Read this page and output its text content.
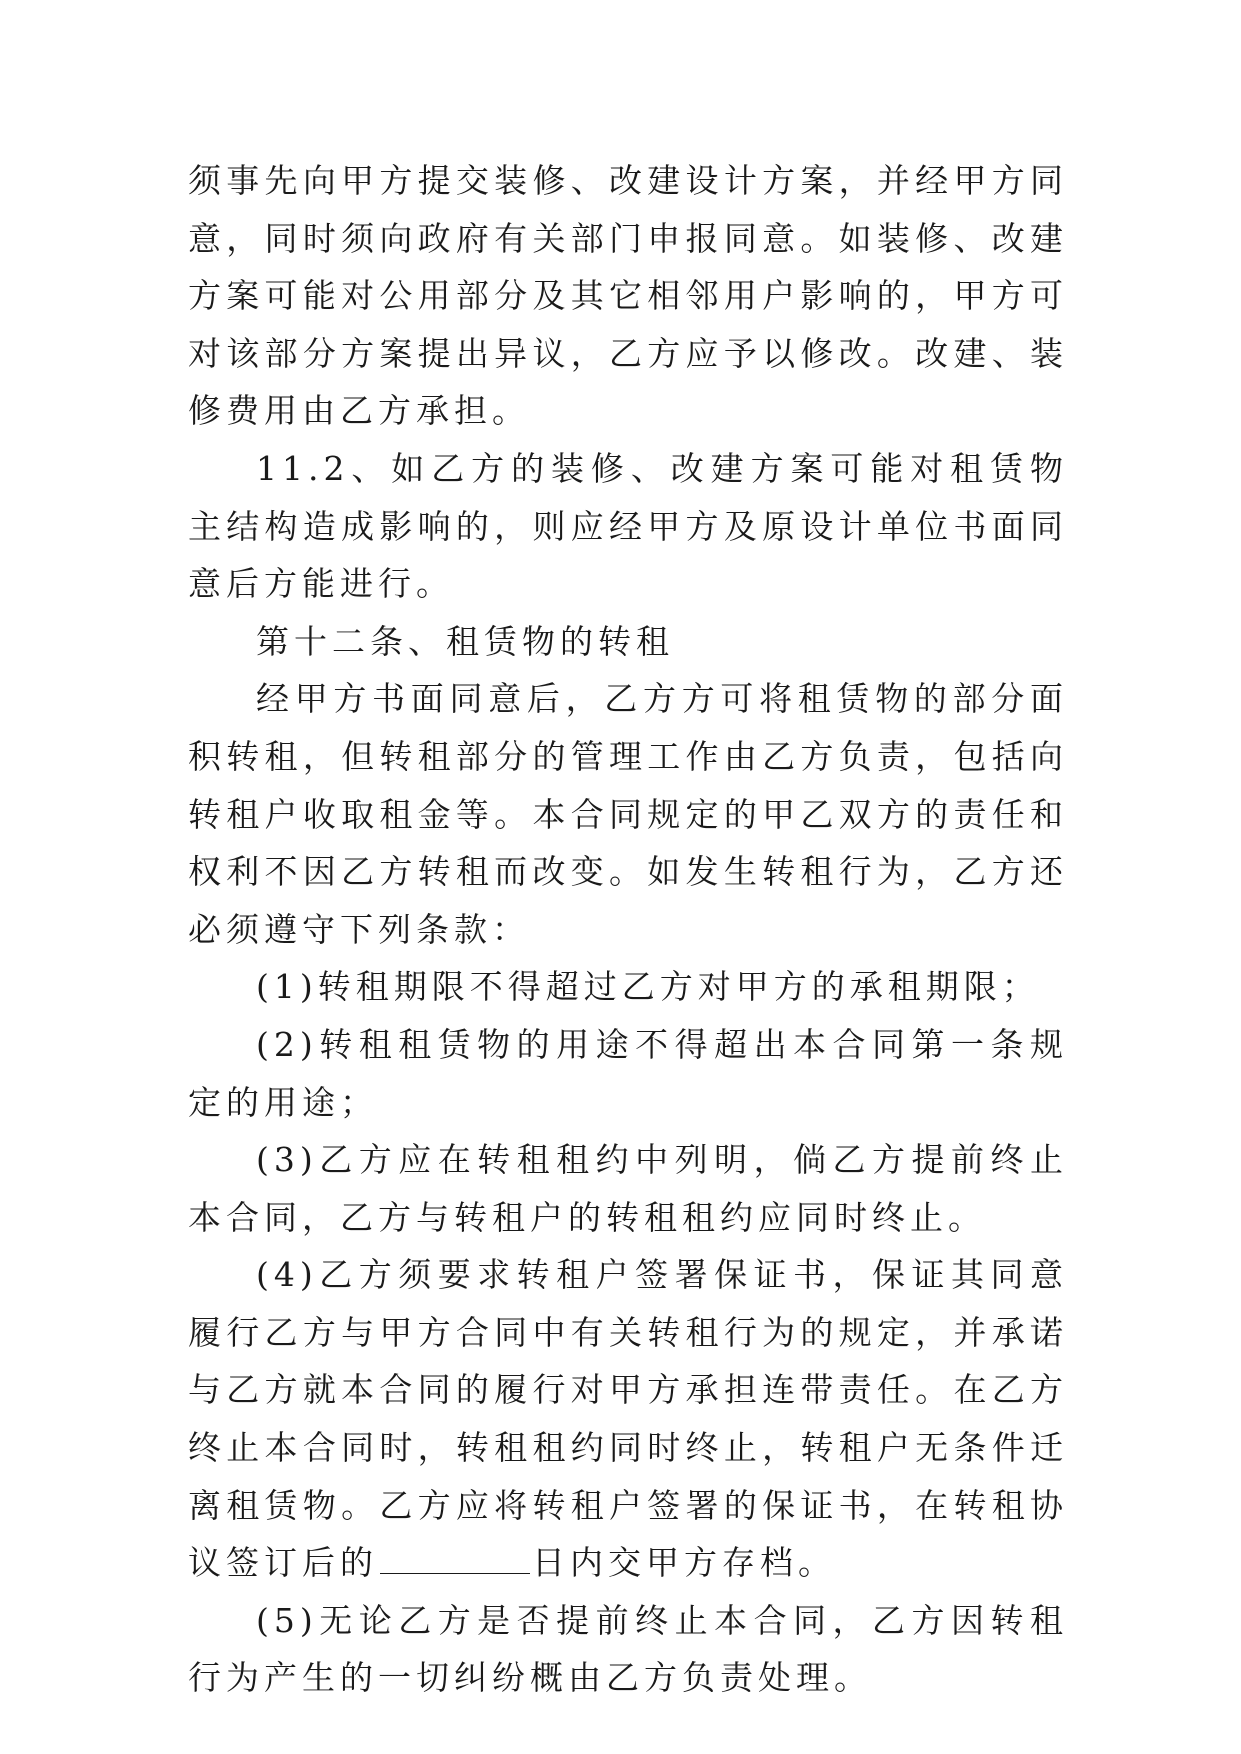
须事先向甲方提交装修、改建设计方案，并经甲方同意，同时须向政府有关部门申报同意。如装修、改建方案可能对公用部分及其它相邻用户影响的，甲方可对该部分方案提出异议，乙方应予以修改。改建、装修费用由乙方承担。

11.2、如乙方的装修、改建方案可能对租赁物主结构造成影响的，则应经甲方及原设计单位书面同意后方能进行。

第十二条、租赁物的转租

经甲方书面同意后，乙方方可将租赁物的部分面积转租，但转租部分的管理工作由乙方负责，包括向转租户收取租金等。本合同规定的甲乙双方的责任和权利不因乙方转租而改变。如发生转租行为，乙方还必须遵守下列条款：

(1)转租期限不得超过乙方对甲方的承租期限；

(2)转租租赁物的用途不得超出本合同第一条规定的用途；

(3)乙方应在转租租约中列明，倘乙方提前终止本合同，乙方与转租户的转租租约应同时终止。

(4)乙方须要求转租户签署保证书，保证其同意履行乙方与甲方合同中有关转租行为的规定，并承诺与乙方就本合同的履行对甲方承担连带责任。在乙方终止本合同时，转租租约同时终止，转租户无条件迁离租赁物。乙方应将转租户签署的保证书，在转租协议签订后的	日内交甲方存档。

(5)无论乙方是否提前终止本合同，乙方因转租行为产生的一切纠纷概由乙方负责处理。
